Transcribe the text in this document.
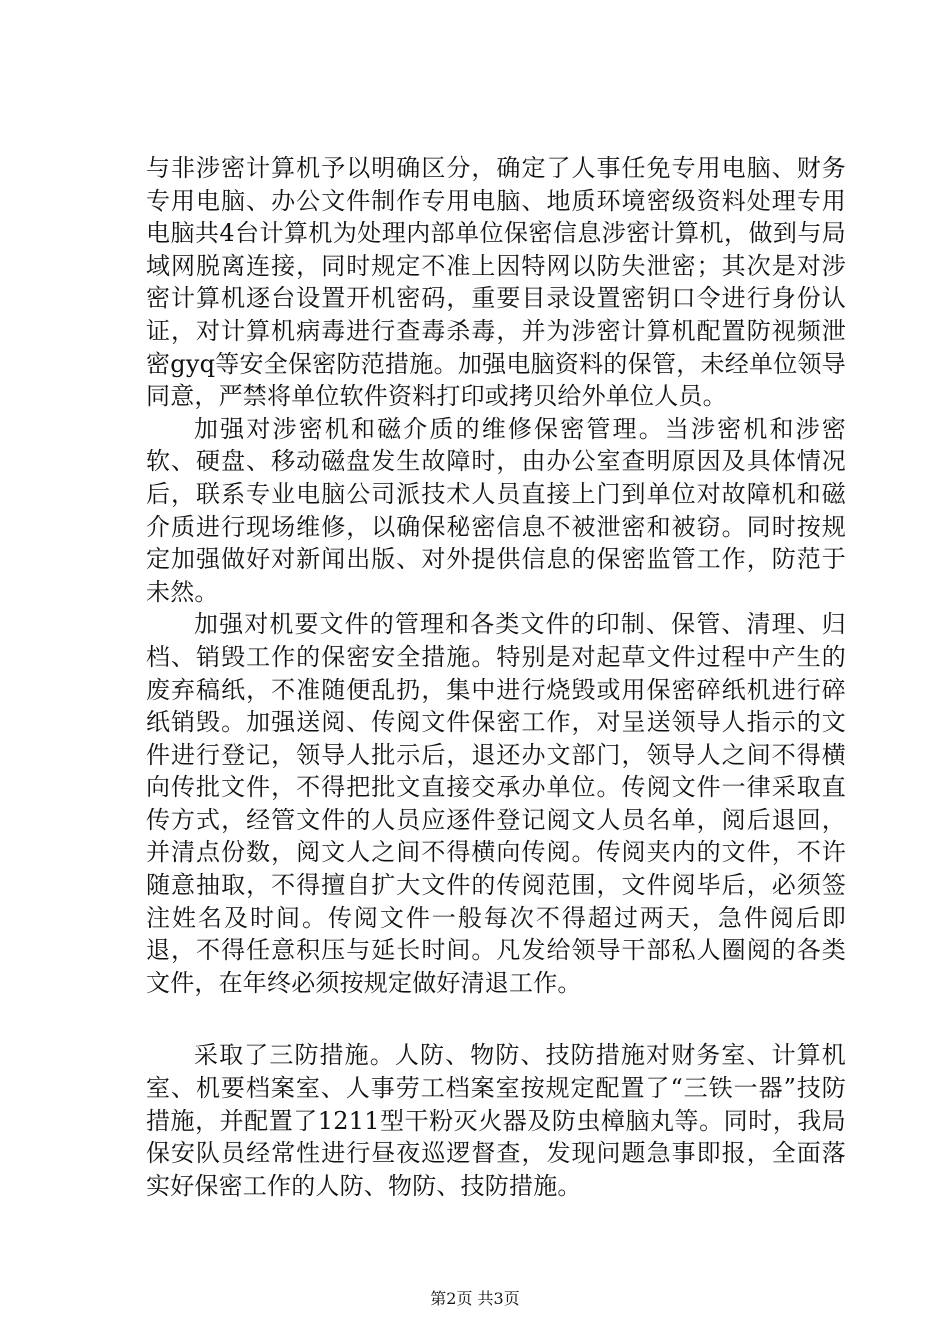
与非涉密计算机予以明确区分，确定了人事任免专用电脑、财务专用电脑、办公文件制作专用电脑、地质环境密级资料处理专用电脑共4台计算机为处理内部单位保密信息涉密计算机，做到与局域网脱离连接，同时规定不准上因特网以防失泄密；其次是对涉密计算机逐台设置开机密码，重要目录设置密钥口令进行身份认证，对计算机病毒进行查毒杀毒，并为涉密计算机配置防视频泄密gyq等安全保密防范措施。加强电脑资料的保管，未经单位领导同意，严禁将单位软件资料打印或拷贝给外单位人员。

加强对涉密机和磁介质的维修保密管理。当涉密机和涉密软、硬盘、移动磁盘发生故障时，由办公室查明原因及具体情况后，联系专业电脑公司派技术人员直接上门到单位对故障机和磁介质进行现场维修，以确保秘密信息不被泄密和被窃。同时按规定加强做好对新闻出版、对外提供信息的保密监管工作，防范于未然。

加强对机要文件的管理和各类文件的印制、保管、清理、归档、销毁工作的保密安全措施。特别是对起草文件过程中产生的废弃稿纸，不准随便乱扔，集中进行烧毁或用保密碎纸机进行碎纸销毁。加强送阅、传阅文件保密工作，对呈送领导人指示的文件进行登记，领导人批示后，退还办文部门，领导人之间不得横向传批文件，不得把批文直接交承办单位。传阅文件一律采取直传方式，经管文件的人员应逐件登记阅文人员名单，阅后退回，并清点份数，阅文人之间不得横向传阅。传阅夹内的文件，不许随意抽取，不得擅自扩大文件的传阅范围，文件阅毕后，必须签注姓名及时间。传阅文件一般每次不得超过两天，急件阅后即退，不得任意积压与延长时间。凡发给领导干部私人圈阅的各类文件，在年终必须按规定做好清退工作。

采取了三防措施。人防、物防、技防措施对财务室、计算机室、机要档案室、人事劳工档案室按规定配置了“三铁一器”技防措施，并配置了1211型干粉灭火器及防虫樟脑丸等。同时，我局保安队员经常性进行昼夜巡逻督查，发现问题急事即报，全面落实好保密工作的人防、物防、技防措施。

第2页 共3页
